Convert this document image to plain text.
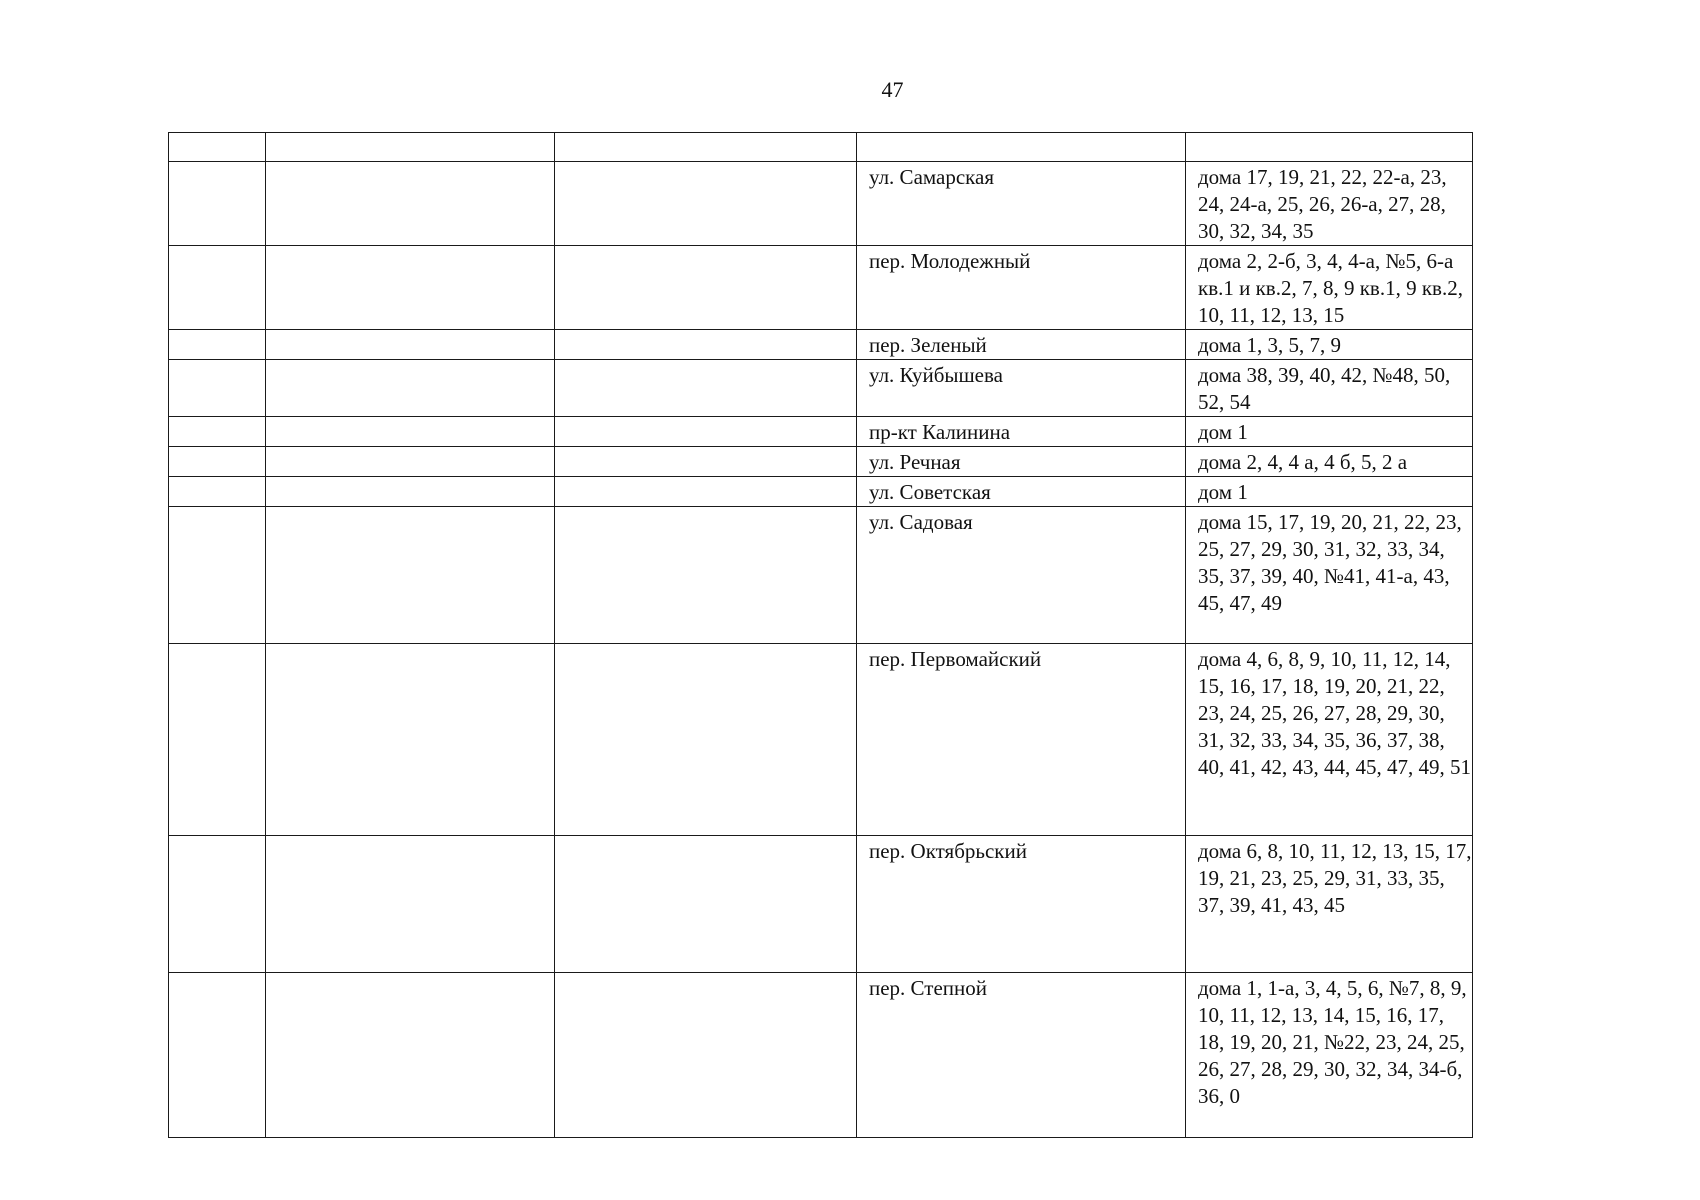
47

			ул. Самарская	дома 17, 19, 21, 22, 22-а, 23, 24, 24-а, 25, 26, 26-а, 27, 28, 30, 32, 34, 35
			пер. Молодежный	дома 2, 2-б, 3, 4, 4-а, №5, 6-а кв.1 и кв.2, 7, 8, 9 кв.1, 9 кв.2, 10, 11, 12, 13, 15
			пер. Зеленый	дома 1, 3, 5, 7, 9
			ул. Куйбышева	дома 38, 39, 40, 42, №48, 50, 52, 54
			пр-кт Калинина	дом 1
			ул. Речная	дома 2, 4, 4 а, 4 б, 5, 2 а
			ул. Советская	дом 1
			ул. Садовая	дома 15, 17, 19, 20, 21, 22, 23, 25, 27, 29, 30, 31, 32, 33, 34, 35, 37, 39, 40, №41, 41-а, 43, 45, 47, 49
			пер. Первомайский	дома 4, 6, 8, 9, 10, 11, 12, 14, 15, 16, 17, 18, 19, 20, 21, 22, 23, 24, 25, 26, 27, 28, 29, 30, 31, 32, 33, 34, 35, 36, 37, 38, 40, 41, 42, 43, 44, 45, 47, 49, 51
			пер. Октябрьский	дома 6, 8, 10, 11, 12, 13, 15, 17, 19, 21, 23, 25, 29, 31, 33, 35, 37, 39, 41, 43, 45
			пер. Степной	дома 1, 1-а, 3, 4, 5, 6, №7, 8, 9, 10, 11, 12, 13, 14, 15, 16, 17, 18, 19, 20, 21, №22, 23, 24, 25, 26, 27, 28, 29, 30, 32, 34, 34-б, 36, 0
